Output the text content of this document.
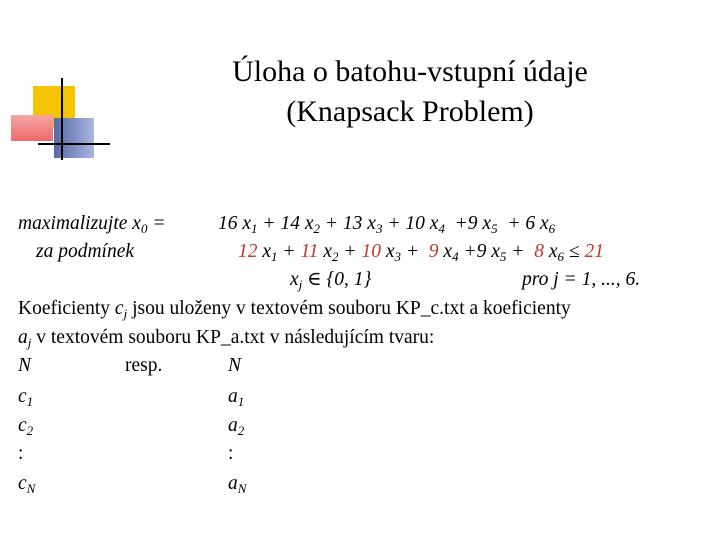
Úloha o batohu-vstupní údaje
(Knapsack Problem)
maximalizujte $x_0$ =	16 $x_1 + 14$ $x_2 + 13$ $x_3 + 10$ $x_4 +9$ $x_5 + 6$ $x_6$
za podmínek	12 $x_1 + 11$ $x_2 + 10$ $x_3 + 9$ $x_4 +9$ $x_5 + 8$ $x_6 \le 21$
$x_j$ ∈ {0, 1}	pro j = 1, ..., 6.
Koeficienty $c_j$ jsou uloženy v textovém souboru KP_c.txt a koeficienty
$a_j$ v textovém souboru KP_a.txt v následujícím tvaru:
N	resp.	N
$c_1$	$a_1$
$c_2$	$a_2$
:	:
$c_N$	$a_N$
